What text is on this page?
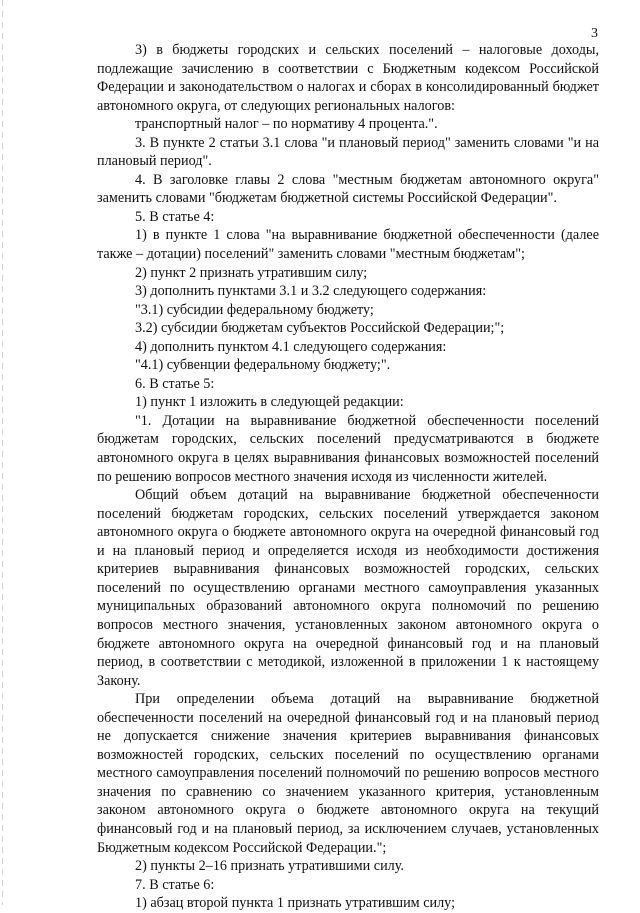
3

3) в бюджеты городских и сельских поселений – налоговые доходы, подлежащие зачислению в соответствии с Бюджетным кодексом Российской Федерации и законодательством о налогах и сборах в консолидированный бюджет автономного округа, от следующих региональных налогов:

транспортный налог – по нормативу 4 процента.".

3. В пункте 2 статьи 3.1 слова "и плановый период" заменить словами "и на плановый период".

4. В заголовке главы 2 слова "местным бюджетам автономного округа" заменить словами "бюджетам бюджетной системы Российской Федерации".

5. В статье 4:

1) в пункте 1 слова "на выравнивание бюджетной обеспеченности (далее также – дотации) поселений" заменить словами "местным бюджетам";

2) пункт 2 признать утратившим силу;

3) дополнить пунктами 3.1 и 3.2 следующего содержания:

"3.1) субсидии федеральному бюджету;

3.2) субсидии бюджетам субъектов Российской Федерации;";

4) дополнить пунктом 4.1 следующего содержания:

"4.1) субвенции федеральному бюджету;".

6. В статье 5:

1) пункт 1 изложить в следующей редакции:

"1. Дотации на выравнивание бюджетной обеспеченности поселений бюджетам городских, сельских поселений предусматриваются в бюджете автономного округа в целях выравнивания финансовых возможностей поселений по решению вопросов местного значения исходя из численности жителей.

Общий объем дотаций на выравнивание бюджетной обеспеченности поселений бюджетам городских, сельских поселений утверждается законом автономного округа о бюджете автономного округа на очередной финансовый год и на плановый период и определяется исходя из необходимости достижения критериев выравнивания финансовых возможностей городских, сельских поселений по осуществлению органами местного самоуправления указанных муниципальных образований автономного округа полномочий по решению вопросов местного значения, установленных законом автономного округа о бюджете автономного округа на очередной финансовый год и на плановый период, в соответствии с методикой, изложенной в приложении 1 к настоящему Закону.

При определении объема дотаций на выравнивание бюджетной обеспеченности поселений на очередной финансовый год и на плановый период не допускается снижение значения критериев выравнивания финансовых возможностей городских, сельских поселений по осуществлению органами местного самоуправления поселений полномочий по решению вопросов местного значения по сравнению со значением указанного критерия, установленным законом автономного округа о бюджете автономного округа на текущий финансовый год и на плановый период, за исключением случаев, установленных Бюджетным кодексом Российской Федерации.";

2) пункты 2–16 признать утратившими силу.

7. В статье 6:

1) абзац второй пункта 1 признать утратившим силу;
